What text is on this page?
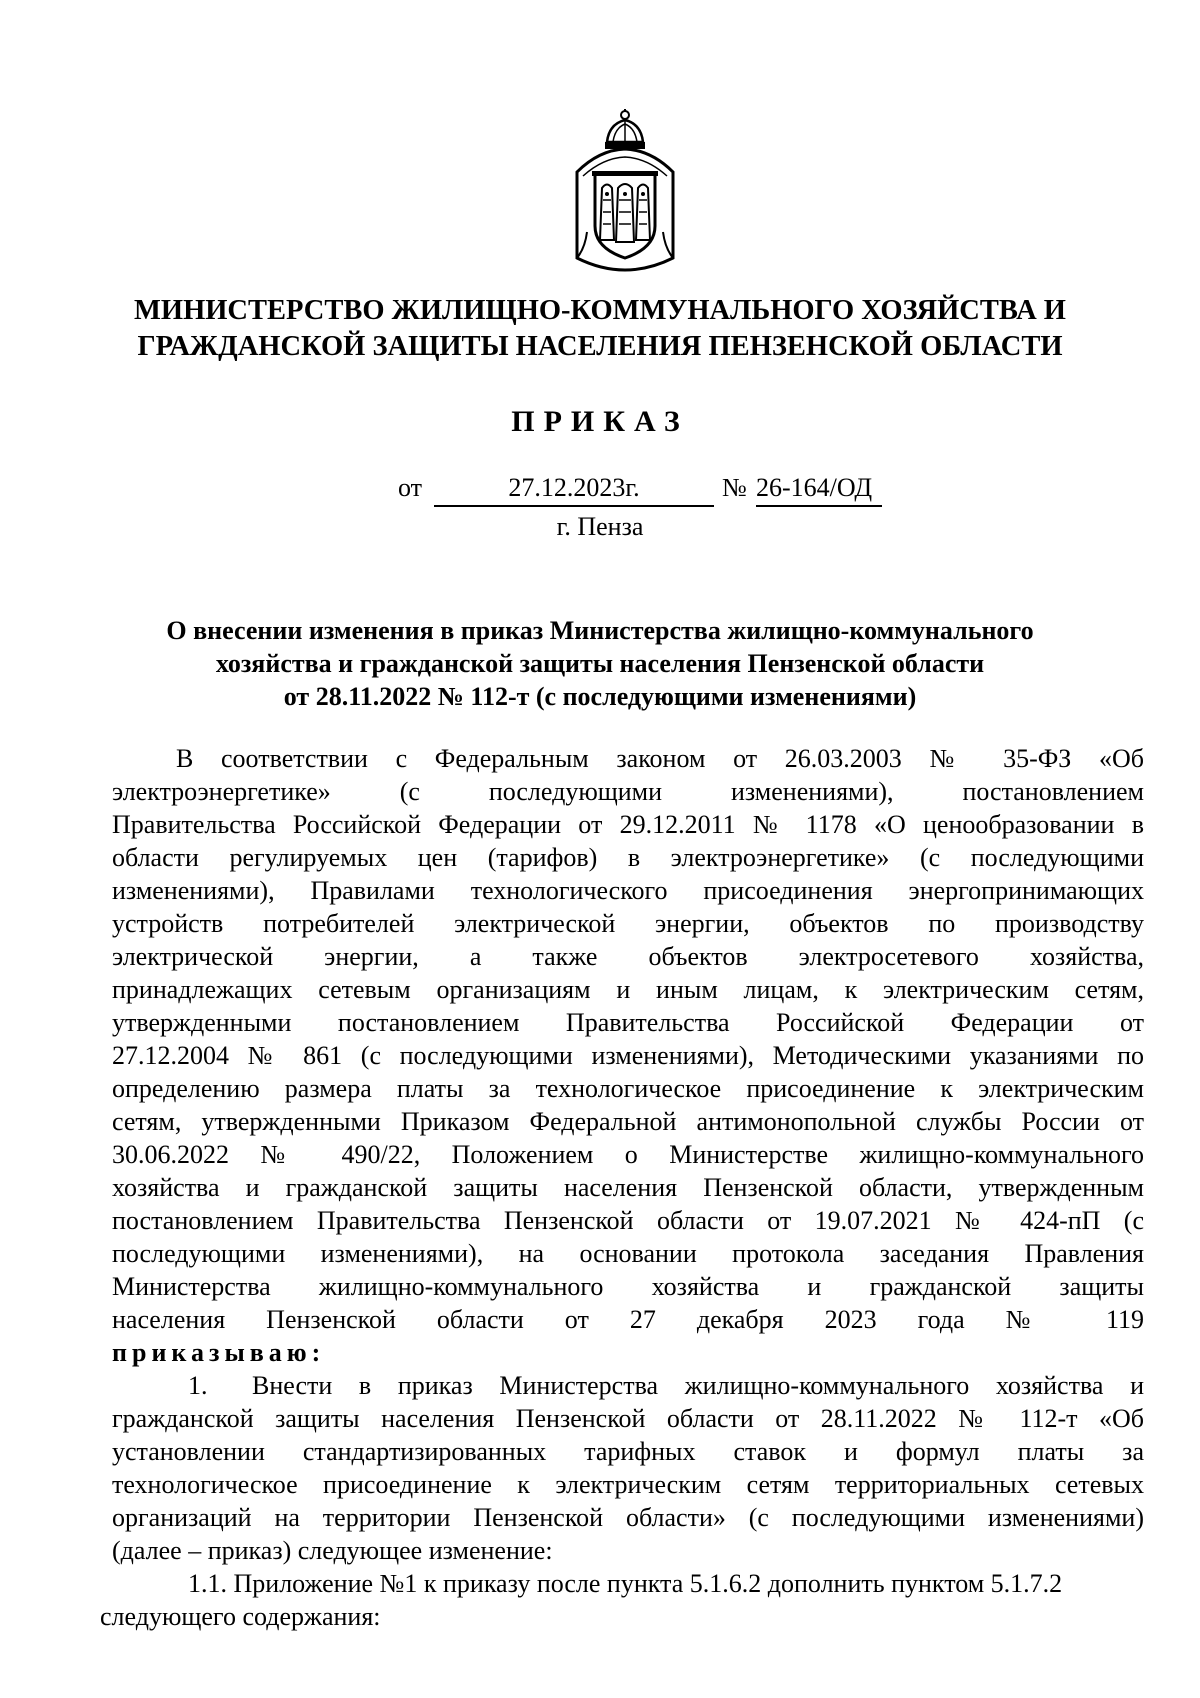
МИНИСТЕРСТВО ЖИЛИЩНО-КОММУНАЛЬНОГО ХОЗЯЙСТВА И
ГРАЖДАНСКОЙ ЗАЩИТЫ НАСЕЛЕНИЯ ПЕНЗЕНСКОЙ ОБЛАСТИ
ПРИКАЗ
от	27.12.2023г.	№ 26-164/ОД
г. Пенза
О внесении изменения в приказ Министерства жилищно-коммунального
хозяйства и гражданской защиты населения Пензенской области
от 28.11.2022 № 112-т (с последующими изменениями)
В соответствии с Федеральным законом от 26.03.2003 № 35-ФЗ «Об
электроэнергетике» (с последующими изменениями), постановлением
Правительства Российской Федерации от 29.12.2011 № 1178 «О ценообразовании в
области регулируемых цен (тарифов) в электроэнергетике» (с последующими
изменениями), Правилами технологического присоединения энергопринимающих
устройств потребителей электрической энергии, объектов по производству
электрической энергии, а также объектов электросетевого хозяйства,
принадлежащих сетевым организациям и иным лицам, к электрическим сетям,
утвержденными постановлением Правительства Российской Федерации от
27.12.2004 № 861 (с последующими изменениями), Методическими указаниями по
определению размера платы за технологическое присоединение к электрическим
сетям, утвержденными Приказом Федеральной антимонопольной службы России от
30.06.2022 № 490/22, Положением о Министерстве жилищно-коммунального
хозяйства и гражданской защиты населения Пензенской области, утвержденным
постановлением Правительства Пензенской области от 19.07.2021 № 424-пП (с
последующими изменениями), на основании протокола заседания Правления
Министерства жилищно-коммунального хозяйства и гражданской защиты
населения Пензенской области от 27 декабря 2023 года № 119
приказываю:
1.	Внести в приказ Министерства жилищно-коммунального хозяйства и
гражданской защиты населения Пензенской области от 28.11.2022 № 112-т «Об
установлении стандартизированных тарифных ставок и формул платы за
технологическое присоединение к электрическим сетям территориальных сетевых
организаций на территории Пензенской области» (с последующими изменениями)
(далее – приказ) следующее изменение:
1.1. Приложение №1 к приказу после пункта 5.1.6.2 дополнить пунктом 5.1.7.2
следующего содержания:
